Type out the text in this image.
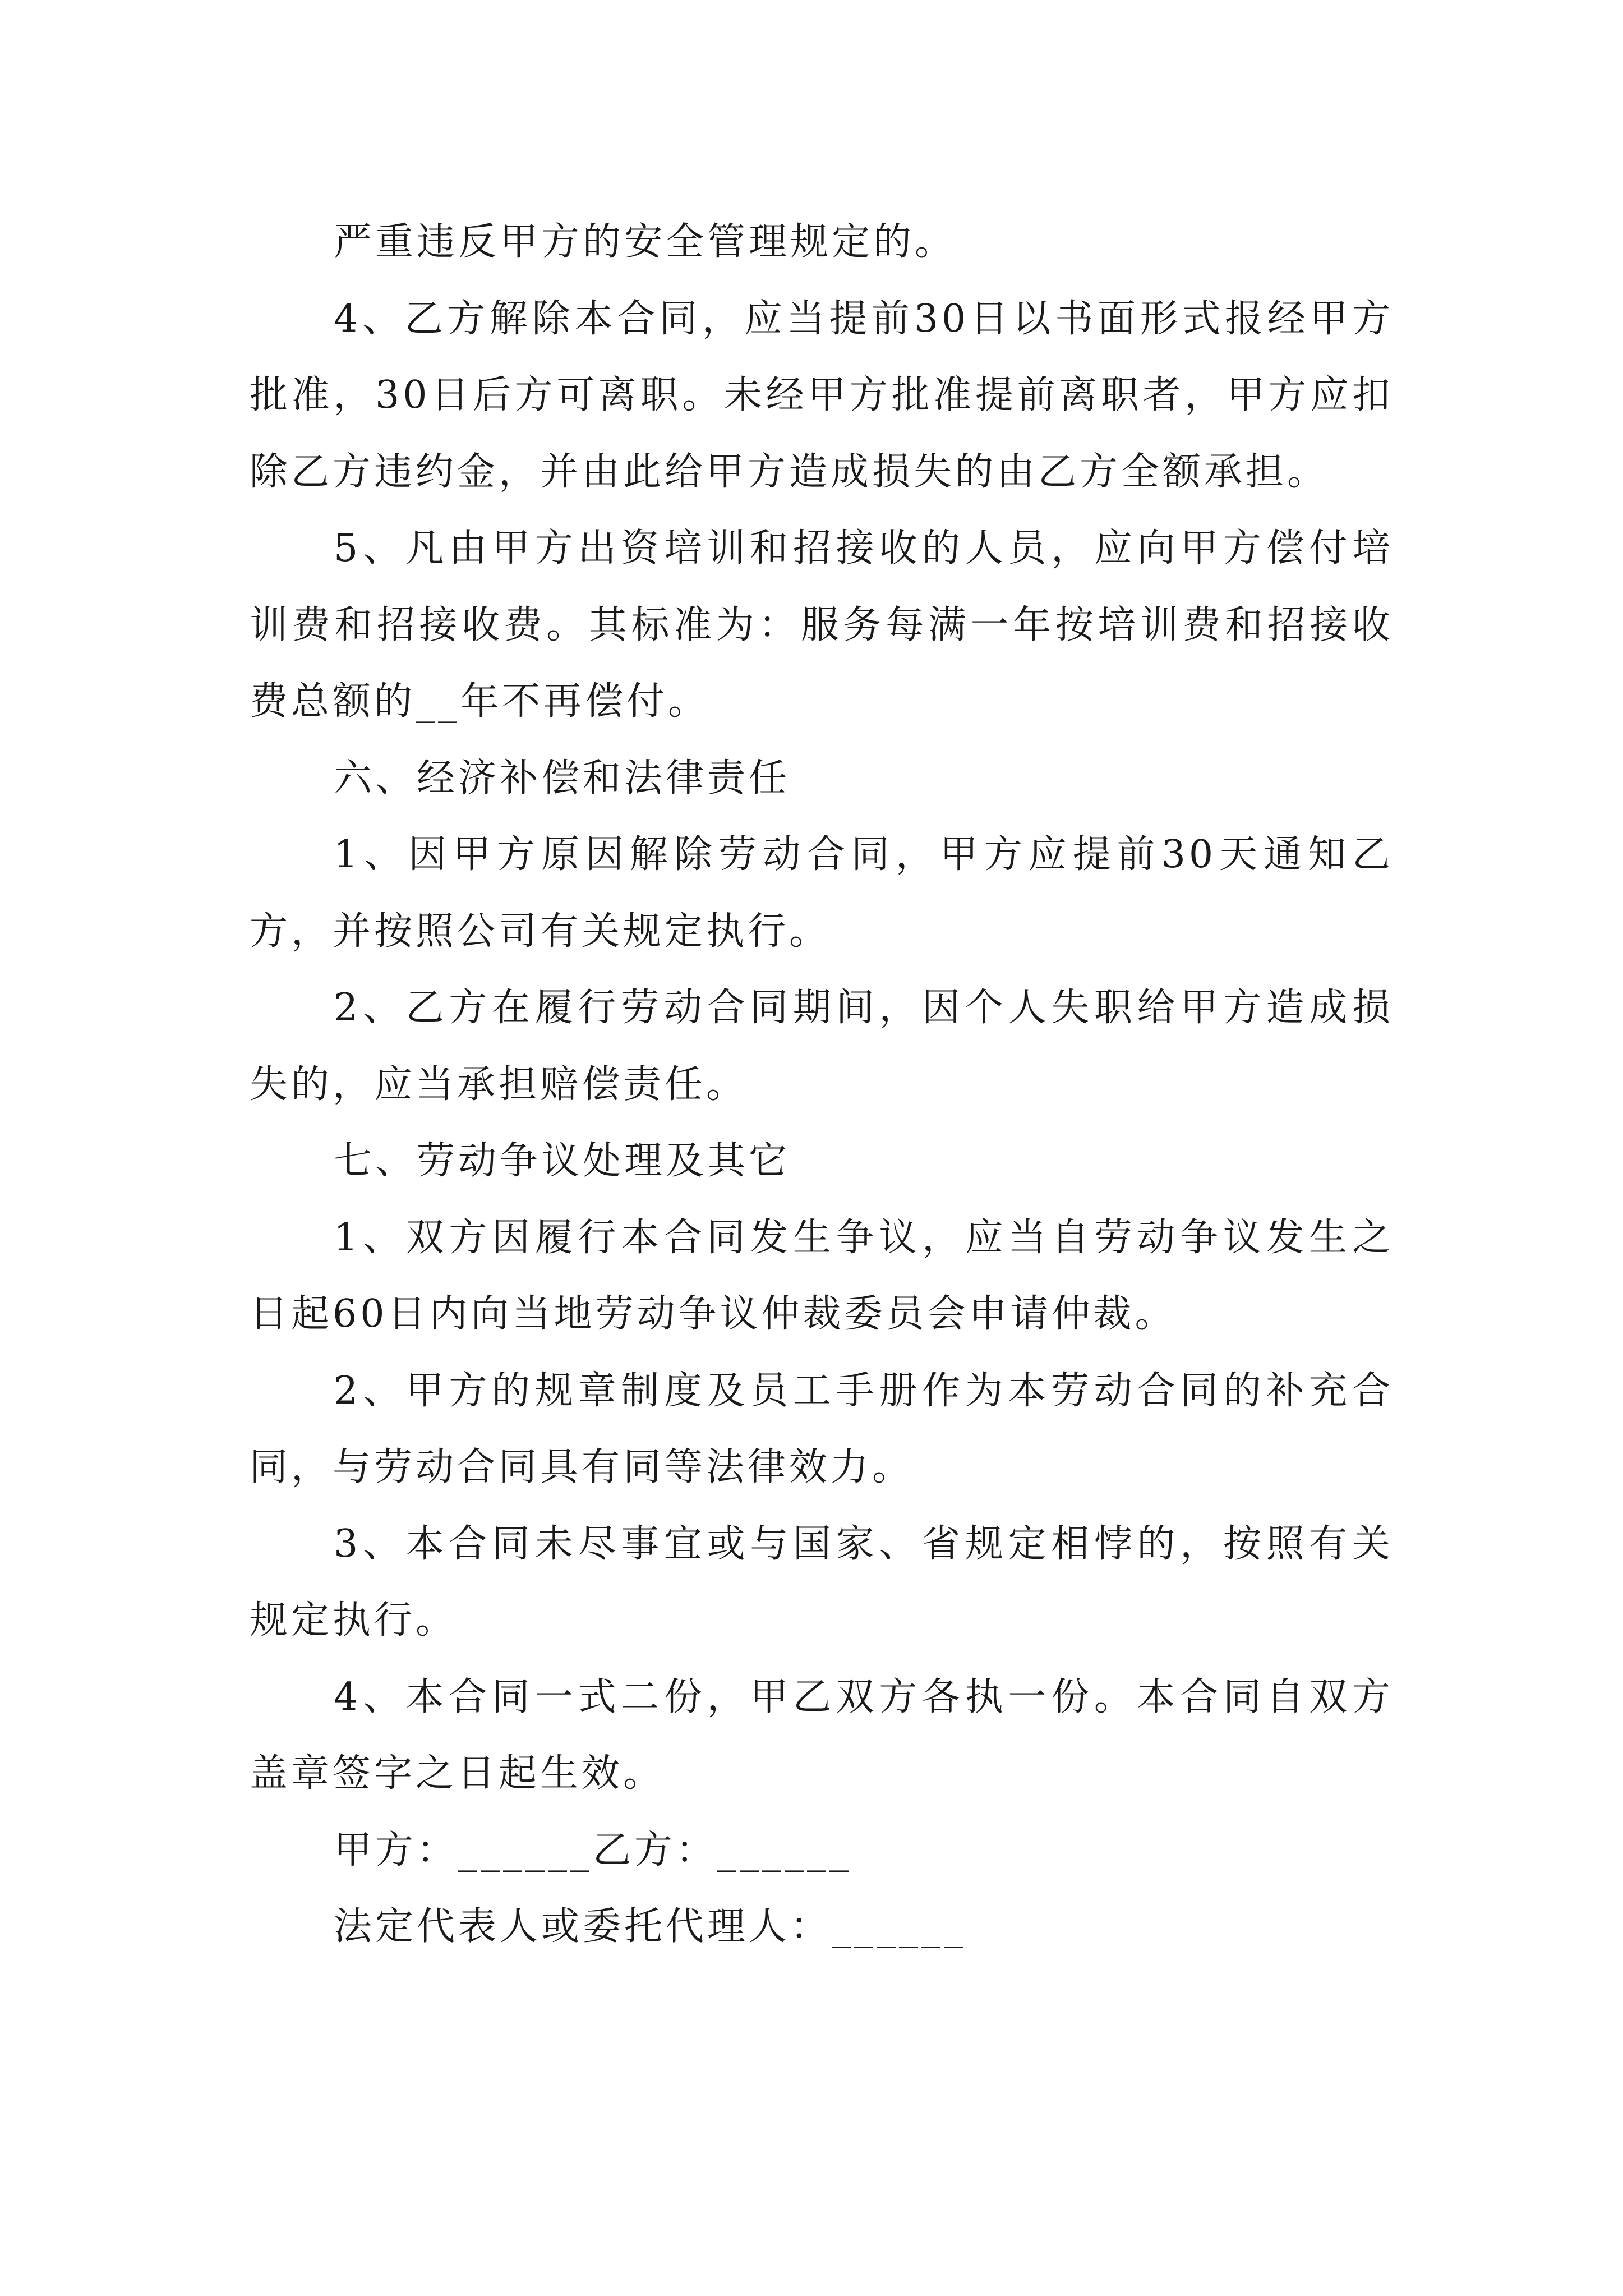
严重违反甲方的安全管理规定的。

4、乙方解除本合同，应当提前30日以书面形式报经甲方批准，30日后方可离职。未经甲方批准提前离职者，甲方应扣除乙方违约金，并由此给甲方造成损失的由乙方全额承担。

5、凡由甲方出资培训和招接收的人员，应向甲方偿付培训费和招接收费。其标准为：服务每满一年按培训费和招接收费总额的__年不再偿付。

六、经济补偿和法律责任

1、因甲方原因解除劳动合同，甲方应提前30天通知乙方，并按照公司有关规定执行。

2、乙方在履行劳动合同期间，因个人失职给甲方造成损失的，应当承担赔偿责任。

七、劳动争议处理及其它

1、双方因履行本合同发生争议，应当自劳动争议发生之日起60日内向当地劳动争议仲裁委员会申请仲裁。

2、甲方的规章制度及员工手册作为本劳动合同的补充合同，与劳动合同具有同等法律效力。

3、本合同未尽事宜或与国家、省规定相悖的，按照有关规定执行。

4、本合同一式二份，甲乙双方各执一份。本合同自双方盖章签字之日起生效。

甲方：______乙方：______

法定代表人或委托代理人：______
